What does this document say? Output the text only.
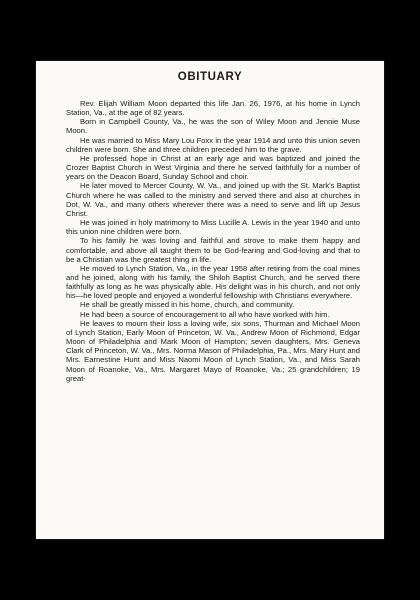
OBITUARY

Rev. Elijah William Moon departed this life Jan. 26, 1976, at his home in Lynch Station, Va., at the age of 82 years.

Born in Campbell County, Va., he was the son of Wiley Moon and Jennie Muse Moon.

He was married to Miss Mary Lou Foxx in the year 1914 and unto this union seven children were born. She and three children preceded him to the grave.

He professed hope in Christ at an early age and was baptized and joined the Crozer Baptist Church in West Virginia and there he served faithfully for a number of years on the Deacon Board, Sunday School and choir.

He later moved to Mercer County, W. Va., and joined up with the St. Mark's Baptist Church where he was called to the ministry and served there and also at churches in Dot, W. Va., and many others wherever there was a need to serve and lift up Jesus Christ.

He was joined in holy matrimony to Miss Lucille A. Lewis in the year 1940 and unto this union nine children were born.

To his family he was loving and faithful and strove to make them happy and comfortable, and above all taught them to be God-fearing and God-loving and that to be a Christian was the greatest thing in life.

He moved to Lynch Station, Va., in the year 1958 after retiring from the coal mines and he joined, along with his family, the Shiloh Baptist Church, and he served there faithfully as long as he was physically able. His delight was in his church, and not only his—he loved people and enjoyed a wonderful fellowship with Christians everywhere.

He shall be greatly missed in his home, church, and community.

He had been a source of encouragement to all who have worked with him.

He leaves to mourn their loss a loving wife, six sons, Thurman and Michael Moon of Lynch Station, Early Moon of Princeton, W. Va., Andrew Moon of Richmond, Edgar Moon of Philadelphia and Mark Moon of Hampton; seven daughters, Mrs. Geneva Clark of Princeton, W. Va., Mrs. Norma Mason of Philadelphia, Pa., Mrs. Mary Hunt and Mrs. Earnestine Hunt and Miss Naomi Moon of Lynch Station, Va., and Miss Sarah Moon of Roanoke, Va., Mrs. Margaret Mayo of Roanoke, Va.; 25 grandchildren; 19 great-
